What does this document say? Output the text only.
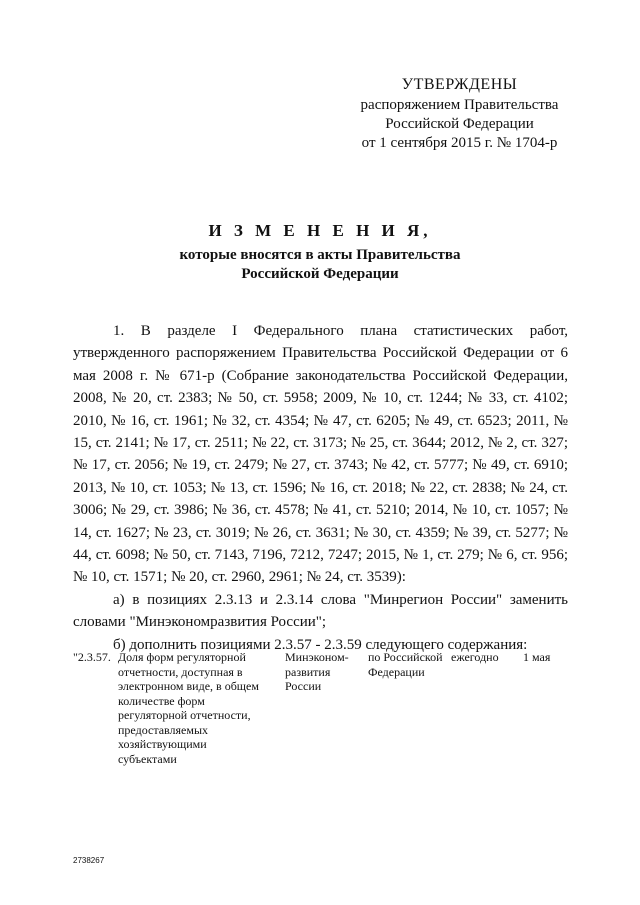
УТВЕРЖДЕНЫ
распоряжением Правительства
Российской Федерации
от 1 сентября 2015 г. № 1704-р
И З М Е Н Е Н И Я,
которые вносятся в акты Правительства
Российской Федерации

1. В разделе I Федерального плана статистических работ, утвержденного распоряжением Правительства Российской Федерации от 6 мая 2008 г. № 671-р (Собрание законодательства Российской Федерации, 2008, № 20, ст. 2383; № 50, ст. 5958; 2009, № 10, ст. 1244; № 33, ст. 4102; 2010, № 16, ст. 1961; № 32, ст. 4354; № 47, ст. 6205; № 49, ст. 6523; 2011, № 15, ст. 2141; № 17, ст. 2511; № 22, ст. 3173; № 25, ст. 3644; 2012, № 2, ст. 327; № 17, ст. 2056; № 19, ст. 2479; № 27, ст. 3743; № 42, ст. 5777; № 49, ст. 6910; 2013, № 10, ст. 1053; № 13, ст. 1596; № 16, ст. 2018; № 22, ст. 2838; № 24, ст. 3006; № 29, ст. 3986; № 36, ст. 4578; № 41, ст. 5210; 2014, № 10, ст. 1057; № 14, ст. 1627; № 23, ст. 3019; № 26, ст. 3631; № 30, ст. 4359; № 39, ст. 5277; № 44, ст. 6098; № 50, ст. 7143, 7196, 7212, 7247; 2015, № 1, ст. 279; № 6, ст. 956; № 10, ст. 1571; № 20, ст. 2960, 2961; № 24, ст. 3539):

а) в позициях 2.3.13 и 2.3.14 слова "Минрегион России" заменить словами "Минэкономразвития России";

б) дополнить позициями 2.3.57 - 2.3.59 следующего содержания:

"2.3.57. Доля форм регуляторной отчетности, доступная в электронном виде, в общем количестве форм регуляторной отчетности, предоставляемых хозяйствующими субъектами
Минэконом-развития России
по Российской Федерации
ежегодно	1 мая
2738267
